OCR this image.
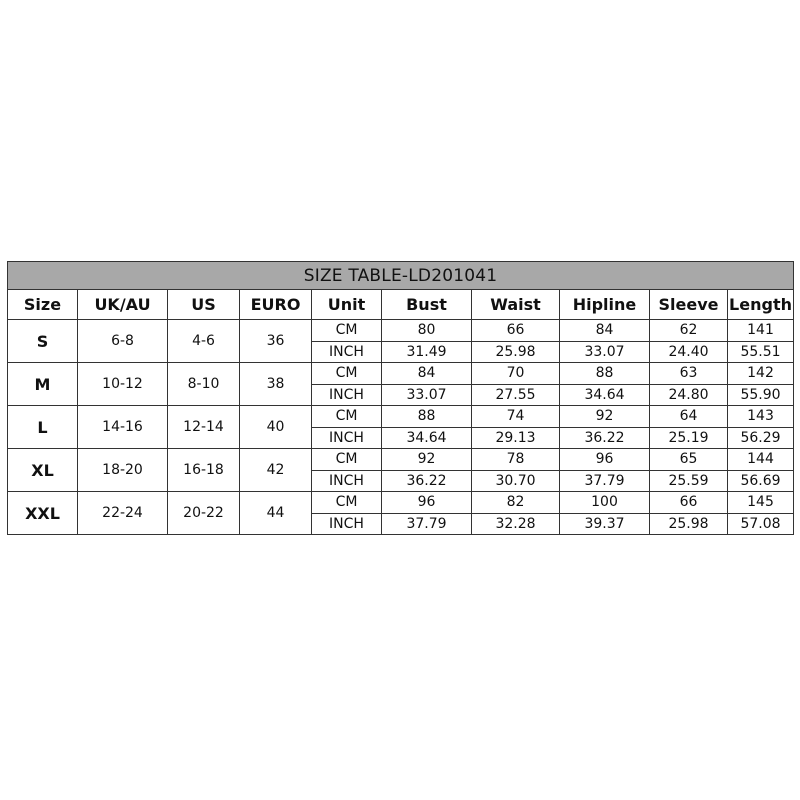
SIZE TABLE-LD201041									
Size	UK/AU	US	EURO	Unit	Bust	Waist	Hipline	Sleeve	Length
S	6-8	4-6	36	CM	80	66	84	62	141
				INCH	31.49	25.98	33.07	24.40	55.51
M	10-12	8-10	38	CM	84	70	88	63	142
				INCH	33.07	27.55	34.64	24.80	55.90
L	14-16	12-14	40	CM	88	74	92	64	143
				INCH	34.64	29.13	36.22	25.19	56.29
XL	18-20	16-18	42	CM	92	78	96	65	144
				INCH	36.22	30.70	37.79	25.59	56.69
XXL	22-24	20-22	44	CM	96	82	100	66	145
				INCH	37.79	32.28	39.37	25.98	57.08
